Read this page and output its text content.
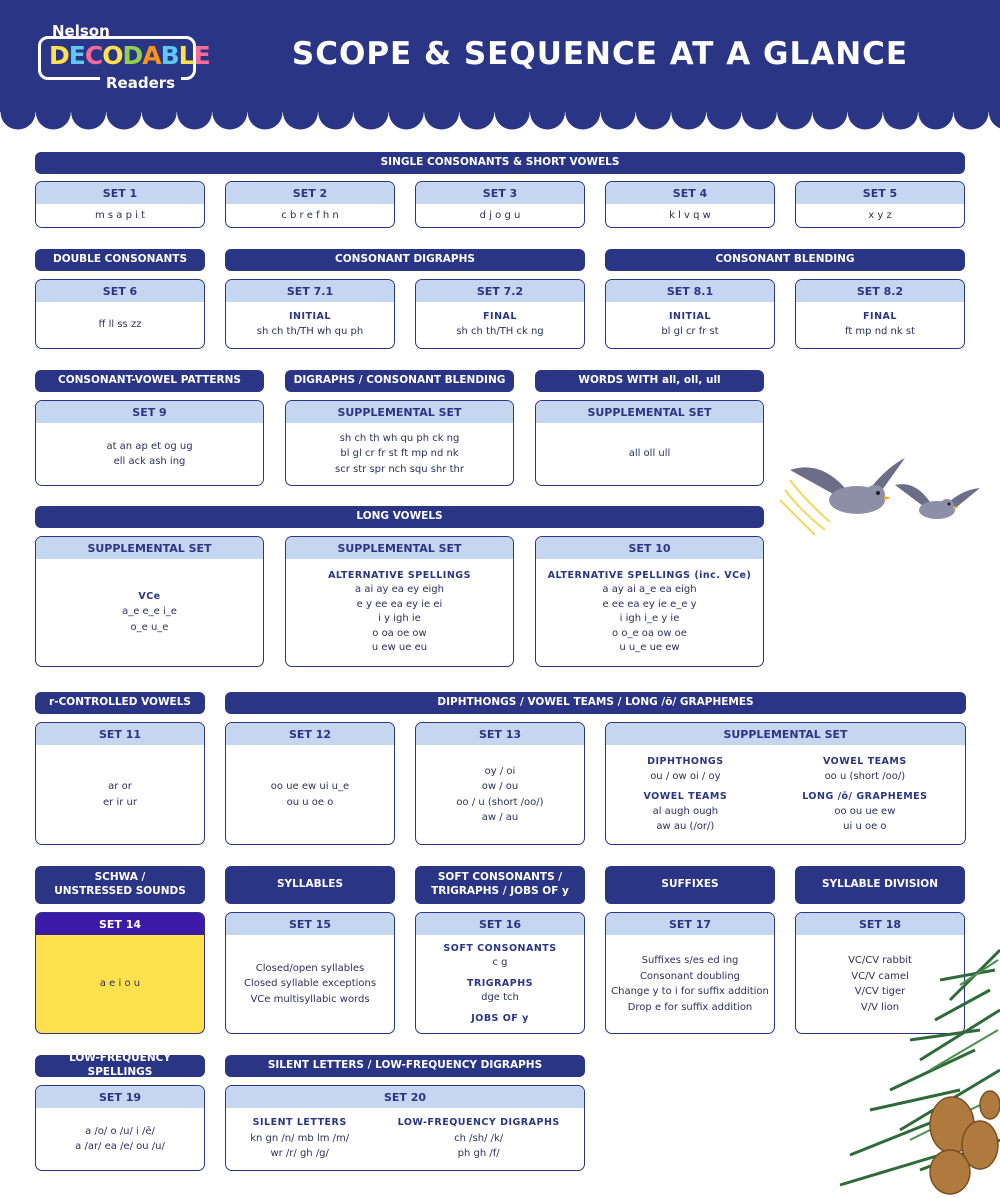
DECODABLE
Nelson
Readers
SCOPE & SEQUENCE AT A GLANCE
SINGLE CONSONANTS & SHORT VOWELS
SET 1
m s a p i t
SET 2
c b r e f h n
SET 3
d j o g u
SET 4
k l v q w
SET 5
x y z
DOUBLE CONSONANTS	CONSONANT DIGRAPHS	CONSONANT BLENDING
SET 6
ff ll ss zz
SET 7.1
INITIAL
sh ch th/TH wh qu ph
SET 7.2
FINAL
sh ch th/TH ck ng
SET 8.1
INITIAL
bl gl cr fr st
SET 8.2
FINAL
ft mp nd nk st
CONSONANT-VOWEL PATTERNS	DIGRAPHS / CONSONANT BLENDING	WORDS WITH all, oll, ull
SET 9
at an ap et og ug
ell ack ash ing
SUPPLEMENTAL SET
sh ch th wh qu ph ck ng
bl gl cr fr st ft mp nd nk
scr str spr nch squ shr thr
SUPPLEMENTAL SET
all oll ull
LONG VOWELS
SUPPLEMENTAL SET
VCe
a_e e_e i_e
o_e u_e
SUPPLEMENTAL SET
ALTERNATIVE SPELLINGS
a ai ay ea ey eigh
e y ee ea ey ie ei
i y igh ie
o oa oe ow
u ew ue eu
SET 10
ALTERNATIVE SPELLINGS (inc. VCe)
a ay ai a_e ea eigh
e ee ea ey ie e_e y
i igh i_e y ie
o o_e oa ow oe
u u_e ue ew
r-CONTROLLED VOWELS	DIPHTHONGS / VOWEL TEAMS / LONG /ō/ GRAPHEMES
SET 11
ar or
er ir ur
SET 12
oo ue ew ui u_e
ou u oe o
SET 13
oy / oi
ow / ou
oo / u (short /oo/)
aw / au
SUPPLEMENTAL SET
DIPHTHONGS
ou / ow oi / oy
VOWEL TEAMS
al augh ough
aw au (/or/)
VOWEL TEAMS
oo u (short /oo/)
LONG /ō/ GRAPHEMES
oo ou ue ew
ui u oe o
SCHWA /
UNSTRESSED SOUNDS
SYLLABLES
SOFT CONSONANTS /
TRIGRAPHS / JOBS OF y
SUFFIXES	SYLLABLE DIVISION
SET 14
a e i o u
SET 15
Closed/open syllables
Closed syllable exceptions
VCe multisyllabic words
SET 16
SOFT CONSONANTS
c g
TRIGRAPHS
dge tch
JOBS OF y
SET 17
Suffixes s/es ed ing
Consonant doubling
Change y to i for suffix addition
Drop e for suffix addition
SET 18
VC/CV rabbit
VC/V camel
V/CV tiger
V/V lion
LOW-FREQUENCY SPELLINGS
SILENT LETTERS / LOW-FREQUENCY DIGRAPHS
SET 19
a /o/ o /u/ i /ē/
a /ar/ ea /e/ ou /u/
SET 20
SILENT LETTERS
kn gn /n/ mb lm /m/
wr /r/ gh /g/
LOW-FREQUENCY DIGRAPHS
ch /sh/ /k/
ph gh /f/
